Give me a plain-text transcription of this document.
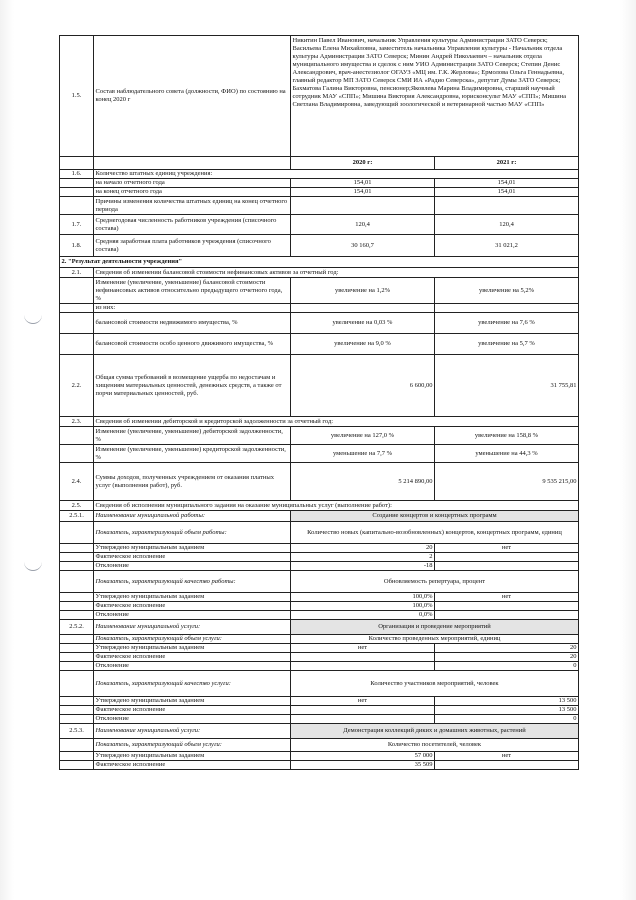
1.5.	Состав наблюдательного совета (должности, ФИО) по состоянию на конец 2020 г	Никитин Павел Иванович, начальник Управления культуры Администрации ЗАТО Северск; Васильева Елена Михайловна, заместитель начальника Управления культуры - Начальник отдела культуры Администрации ЗАТО Северск; Минин Андрей Николаевич – начальник отдела муниципального имущества и сделок с ним УИО Администрации ЗАТО Северск; Степин Денис Александрович, врач-анестезиолог ОГАУЗ «МЦ им. Г.К. Жерлова»; Ермолова Ольга Геннадьевна, главный редактор МП ЗАТО Северск СМИ ИА «Радио Северска», депутат Думы ЗАТО Северск; Бахматова Галина Викторовна, пенсионер;Яковлева Марина Владимировна, старший научный сотрудник МАУ «СПП»; Мишина Виктория Александровна, юрисконсульт МАУ «СПП»; Мишина Светлана Владимировна, заведующий зоологической и ветеринарной частью МАУ «СПП»	
		2020 г:	2021 г:
1.6.	Количество штатных единиц учреждения:		
	на начало отчетного года	154,01	154,01
	на конец отчетного года	154,01	154,01
	Причины изменения количества штатных единиц на конец отчетного периода		
1.7.	Среднегодовая численность работников учреждения (списочного состава)	120,4	120,4
1.8.	Средняя заработная плата работников учреждения (списочного состава)	30 160,7	31 021,2
2. "Результат деятельности учреждения"			
2.1.	Сведения об изменении балансовой стоимости нефинансовых активов за отчетный год:		
	Изменение (увеличение, уменьшение) балансовой стоимости нефинансовых активов относительно предыдущего отчетного года, %	увеличение на 1,2%	увеличение на 5,2%
	из них:		
	балансовой стоимости недвижимого имущества, %	увеличение на 0,03 %	увеличение на 7,6 %
	балансовой стоимости особо ценного движимого имущества, %	увеличение на 9,0 %	увеличение на 5,7 %
2.2.	Общая сумма требований в возмещение ущерба по недостачам и хищениям материальных ценностей, денежных средств, а также от порчи материальных ценностей, руб.	6 600,00	31 755,81
2.3.	Сведения об изменении дебиторской и кредиторской задолженности за отчетный год:		
	Изменение (увеличение, уменьшение) дебиторской задолженности, %	увеличение на 127,0 %	увеличение на 158,8 %
	Изменение (увеличение, уменьшение) кредиторской задолженности, %	уменьшение на 7,7 %	уменьшение на 44,3 %
2.4.	Суммы доходов, полученных учреждением от оказания платных услуг (выполнения работ), руб.	5 214 890,00	9 535 215,00
2.5.	Сведения об исполнении муниципального задания на оказание муниципальных услуг (выполнение работ):		
2.5.1.	Наименование муниципальной работы:	Создание концертов и концертных программ	
	Показатель, характеризующий объем работы:	Количество новых (капитально-возобновленных) концертов, концертных программ, единиц	
	Утверждено муниципальным заданием	20	нет
	Фактическое исполнение	2	
	Отклонение	-18	
	Показатель, характеризующий качество работы:	Обновляемость репертуара, процент	
	Утверждено муниципальным заданием	100,0%	нет
	Фактическое исполнение	100,0%	
	Отклонение	0,0%	
2.5.2.	Наименование муниципальной услуги:	Организация и проведение мероприятий	
	Показатель, характеризующий объем услуги:	Количество проведенных мероприятий, единиц	
	Утверждено муниципальным заданием	нет	20
	Фактическое исполнение		20
	Отклонение		0
	Показатель, характеризующий качество услуги:	Количество участников мероприятий, человек	
	Утверждено муниципальным заданием	нет	13 500
	Фактическое исполнение		13 500
	Отклонение		0
2.5.3.	Наименование муниципальной услуги:	Демонстрация коллекций диких и домашних животных, растений	
	Показатель, характеризующий объем услуги:	Количество посетителей, человек	
	Утверждено муниципальным заданием	57 000	нет
	Фактическое исполнение	35 509	
